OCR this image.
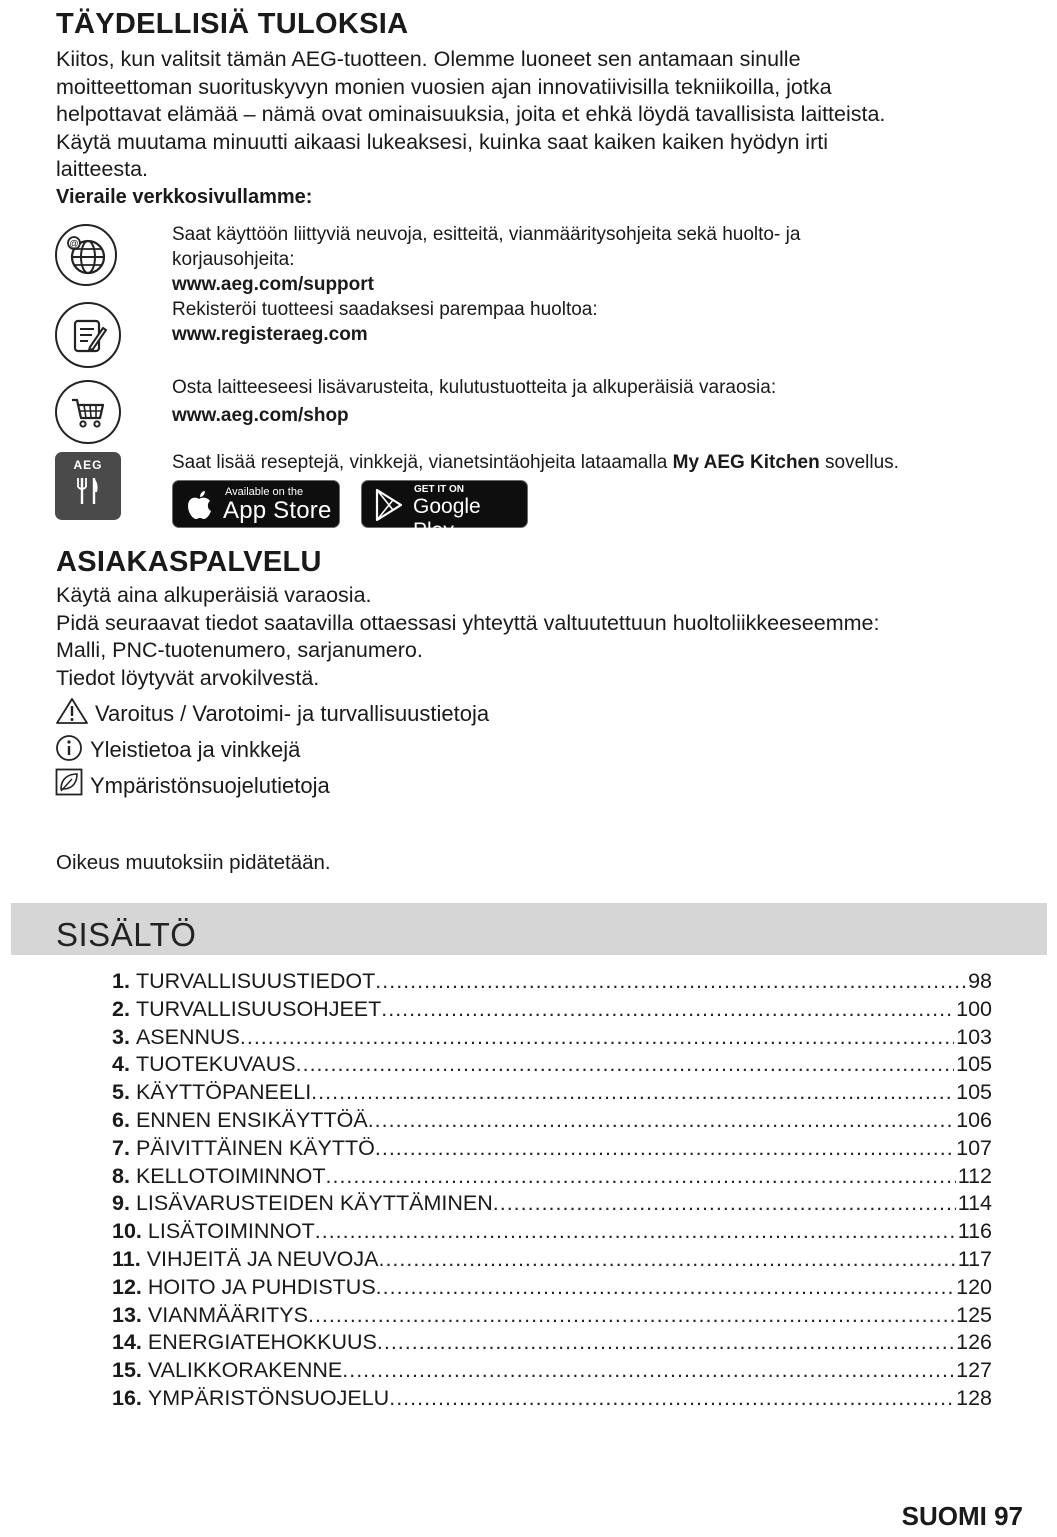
TÄYDELLISIÄ TULOKSIA
Kiitos, kun valitsit tämän AEG-tuotteen. Olemme luoneet sen antamaan sinulle
moitteettoman suorituskyvyn monien vuosien ajan innovatiivisilla tekniikoilla, jotka
helpottavat elämää – nämä ovat ominaisuuksia, joita et ehkä löydä tavallisista laitteista.
Käytä muutama minuutti aikaasi lukeaksesi, kuinka saat kaiken kaiken hyödyn irti
laitteesta.
Vieraile verkkosivullamme:
@	Saat käyttöön liittyviä neuvoja, esitteitä, vianmääritysohjeita sekä huolto- ja
korjausohjeita:
www.aeg.com/support
Rekisteröi tuotteesi saadaksesi parempaa huoltoa:
www.registeraeg.com
Osta laitteeseesi lisävarusteita, kulutustuotteita ja alkuperäisiä varaosia:
www.aeg.com/shop
AEG	Saat lisää reseptejä, vinkkejä, vianetsintäohjeita lataamalla My AEG Kitchen sovellus.
Available on the
App Store
GET IT ON
Google Play
ASIAKASPALVELU
Käytä aina alkuperäisiä varaosia.
Pidä seuraavat tiedot saatavilla ottaessasi yhteyttä valtuutettuun huoltoliikkeeseemme:
Malli, PNC-tuotenumero, sarjanumero.
Tiedot löytyvät arvokilvestä.
Varoitus / Varotoimi- ja turvallisuustietoja
Yleistietoa ja vinkkejä
Ympäristönsuojelutietoja
Oikeus muutoksiin pidätetään.
SISÄLTÖ
1. TURVALLISUUSTIEDOT .....	98
2. TURVALLISUUSOHJEET .....	100
3. ASENNUS .....	103
4. TUOTEKUVAUS .....	105
5. KÄYTTÖPANEELI .....	105
6. ENNEN ENSIKÄYTTÖÄ .....	106
7. PÄIVITTÄINEN KÄYTTÖ .....	107
8. KELLOTOIMINNOT .....	112
9. LISÄVARUSTEIDEN KÄYTTÄMINEN .....	114
10. LISÄTOIMINNOT .....	116
11. VIHJEITÄ JA NEUVOJA .....	117
12. HOITO JA PUHDISTUS .....	120
13. VIANMÄÄRITYS .....	125
14. ENERGIATEHOKKUUS .....	126
15. VALIKKORAKENNE .....	127
16. YMPÄRISTÖNSUOJELU .....	128
SUOMI 97
